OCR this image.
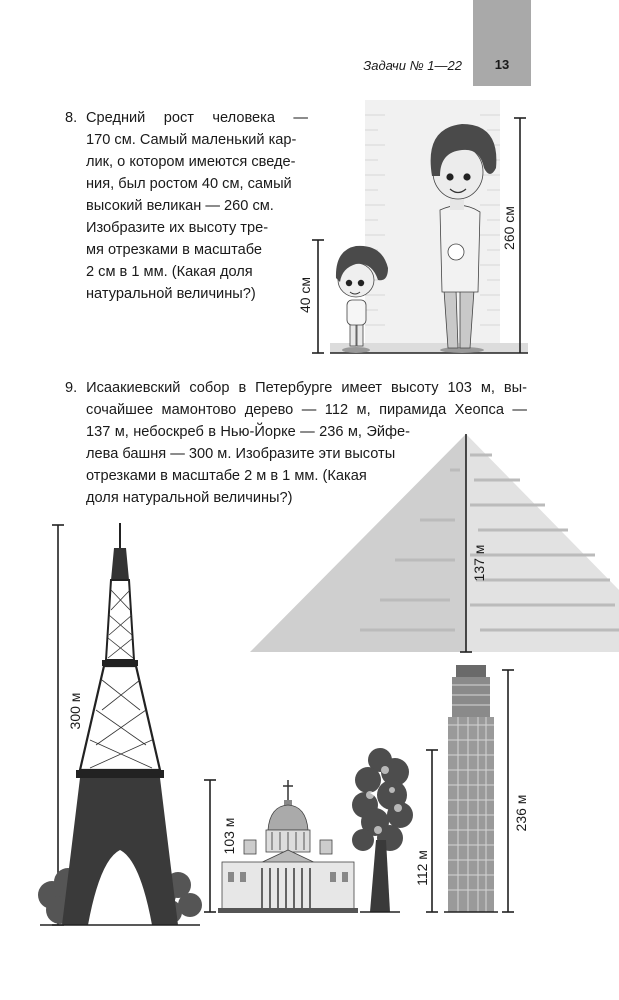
13
Задачи № 1—22
8. Средний рост человека —
170 см. Самый маленький кар-
лик, о котором имеются сведе-
ния, был ростом 40 см, самый
высокий великан — 260 см.
Изобразите их высоту тре-
мя отрезками в масштабе
2 см в 1 мм. (Какая доля
натуральной величины?)	40 см
260 см
137 м
9. Исаакиевский собор в Петербурге имеет высоту 103 м, вы-
сочайшее мамонтово дерево — 112 м, пирамида Хеопса —
137 м, небоскреб в Нью-Йорке — 236 м, Эйфе-
лева башня — 300 м. Изобразите эти высоты
отрезками в масштабе 2 м в 1 мм. (Какая
доля натуральной величины?)
300 м
103 м
112 м
236 м
